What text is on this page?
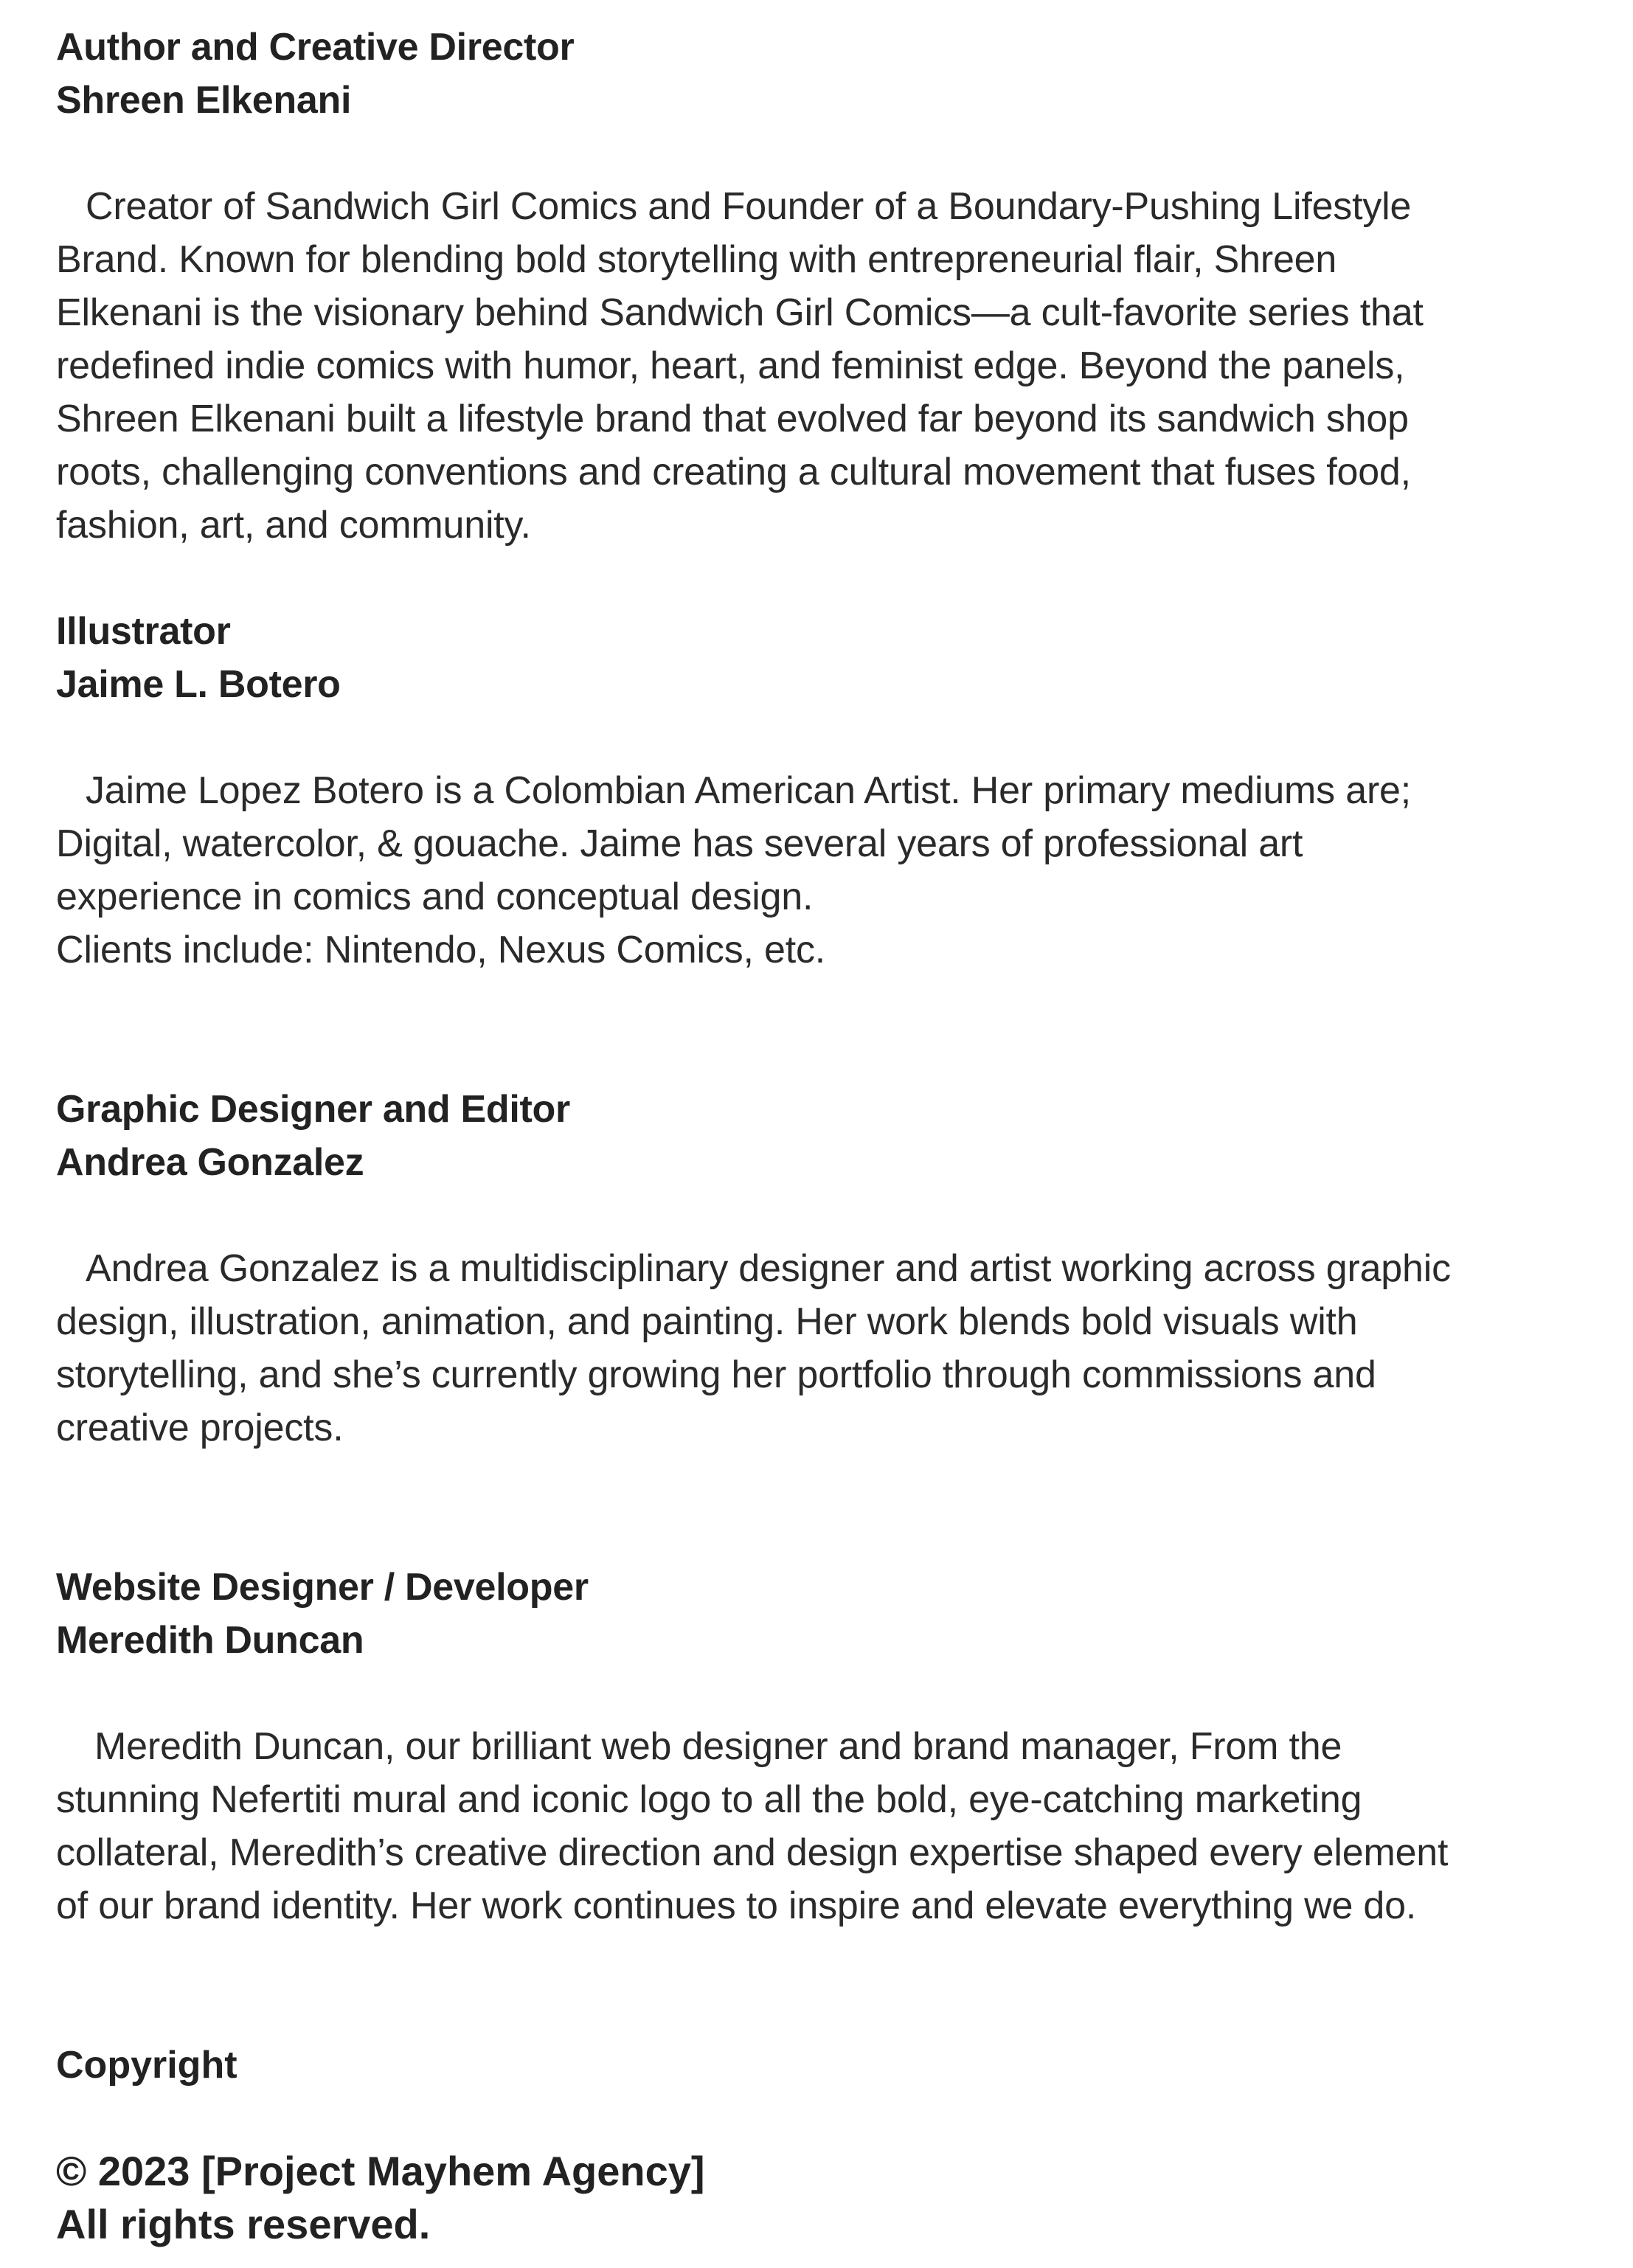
Author and Creative Director

Shreen Elkenani

Creator of Sandwich Girl Comics and Founder of a Boundary-Pushing Lifestyle
Brand. Known for blending bold storytelling with entrepreneurial flair, Shreen
Elkenani is the visionary behind Sandwich Girl Comics—a cult-favorite series that
redefined indie comics with humor, heart, and feminist edge. Beyond the panels,
Shreen Elkenani built a lifestyle brand that evolved far beyond its sandwich shop
roots, challenging conventions and creating a cultural movement that fuses food,
fashion, art, and community.

Illustrator

Jaime L. Botero

Jaime Lopez Botero is a Colombian American Artist. Her primary mediums are;
Digital, watercolor, & gouache. Jaime has several years of professional art
experience in comics and conceptual design.
Clients include: Nintendo, Nexus Comics, etc.

Graphic Designer and Editor

Andrea Gonzalez

Andrea Gonzalez is a multidisciplinary designer and artist working across graphic
design, illustration, animation, and painting. Her work blends bold visuals with
storytelling, and she’s currently growing her portfolio through commissions and
creative projects.

Website Designer / Developer

Meredith Duncan

Meredith Duncan, our brilliant web designer and brand manager, From the
stunning Nefertiti mural and iconic logo to all the bold, eye-catching marketing
collateral, Meredith’s creative direction and design expertise shaped every element
of our brand identity. Her work continues to inspire and elevate everything we do.

Copyright

© 2023 [Project Mayhem Agency]

All rights reserved.
